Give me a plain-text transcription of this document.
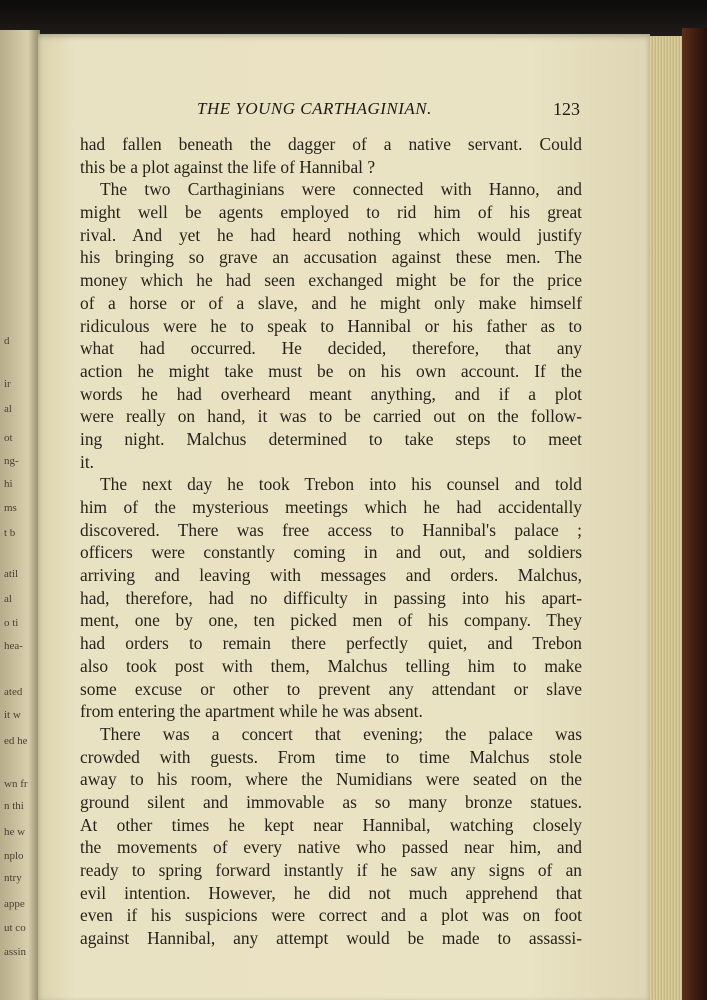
d
ir
al
ot
ng-
hi
ms
t b
atil
al
o ti
hea-
ated
it w
ed he
wn fr
n thi
he w
nplo
ntry
appe
ut co
assin
THE YOUNG CARTHAGINIAN.	123
had fallen beneath the dagger of a native servant. Could
this be a plot against the life of Hannibal ?
The two Carthaginians were connected with Hanno, and
might well be agents employed to rid him of his great
rival. And yet he had heard nothing which would justify
his bringing so grave an accusation against these men. The
money which he had seen exchanged might be for the price
of a horse or of a slave, and he might only make himself
ridiculous were he to speak to Hannibal or his father as to
what had occurred. He decided, therefore, that any
action he might take must be on his own account. If the
words he had overheard meant anything, and if a plot
were really on hand, it was to be carried out on the follow-
ing night. Malchus determined to take steps to meet
it.
The next day he took Trebon into his counsel and told
him of the mysterious meetings which he had accidentally
discovered. There was free access to Hannibal's palace ;
officers were constantly coming in and out, and soldiers
arriving and leaving with messages and orders. Malchus,
had, therefore, had no difficulty in passing into his apart-
ment, one by one, ten picked men of his company. They
had orders to remain there perfectly quiet, and Trebon
also took post with them, Malchus telling him to make
some excuse or other to prevent any attendant or slave
from entering the apartment while he was absent.
There was a concert that evening; the palace was
crowded with guests. From time to time Malchus stole
away to his room, where the Numidians were seated on the
ground silent and immovable as so many bronze statues.
At other times he kept near Hannibal, watching closely
the movements of every native who passed near him, and
ready to spring forward instantly if he saw any signs of an
evil intention. However, he did not much apprehend that
even if his suspicions were correct and a plot was on foot
against Hannibal, any attempt would be made to assassi-
